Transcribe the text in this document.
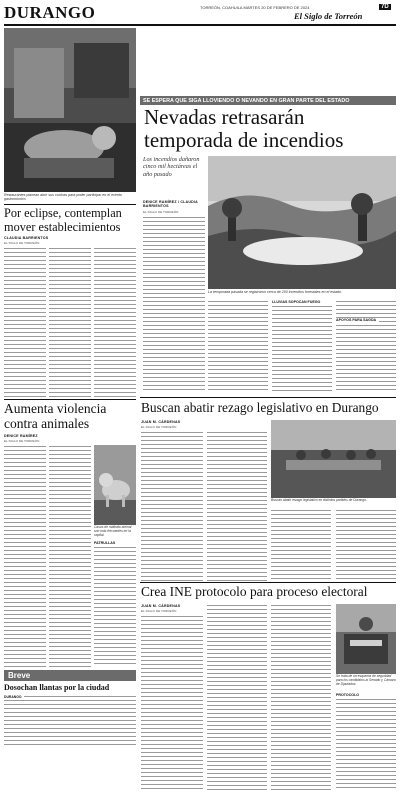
DURANGO	TORREÓN, COAHUILA MARTES 20 DE FEBRERO DE 2024	7D
El Siglo de Torreón
Restaurantes planean abrir sus cocinas para poder participar en el evento gastronómico.
SE ESPERA QUE SIGA LLOVIENDO O NEVANDO EN GRAN PARTE DEL ESTADO
Nevadas retrasarán
temporada de incendios
Los incendios dañaron cinco mil hectáreas el año pasado
La temporada pasada se registraron cerca de 200 incendios forestales en el estado.
DENICE RAMÍREZ / CLAUDIA BARRIENTOS
EL SIGLO DE TORREÓN
LLUVIAS SOPOCAN FUEGO
APOYOS PARA SAGDA
Por eclipse, contemplan mover establecimientos
CLAUDIA BARRIENTOS
EL SIGLO DE TORREÓN
Aumenta violencia contra animales
DENICE RAMÍREZ
EL SIGLO DE TORREÓN
Casos de maltrato animal son más frecuentes en la capital.
PATRULLAS
Buscan abatir rezago legislativo en Durango
JUAN M. CÁRDENAS
EL SIGLO DE TORREÓN
Buscan abatir rezago legislativo en distintos partidos de Durango.
Crea INE protocolo para proceso electoral
JUAN M. CÁRDENAS
EL SIGLO DE TORREÓN
Se trata de un esquema de seguridad para los candidatos al Senado y Cámara de Diputados.
PROTOCOLO
Breve
Dosochan llantas por la ciudad
DURANGO
